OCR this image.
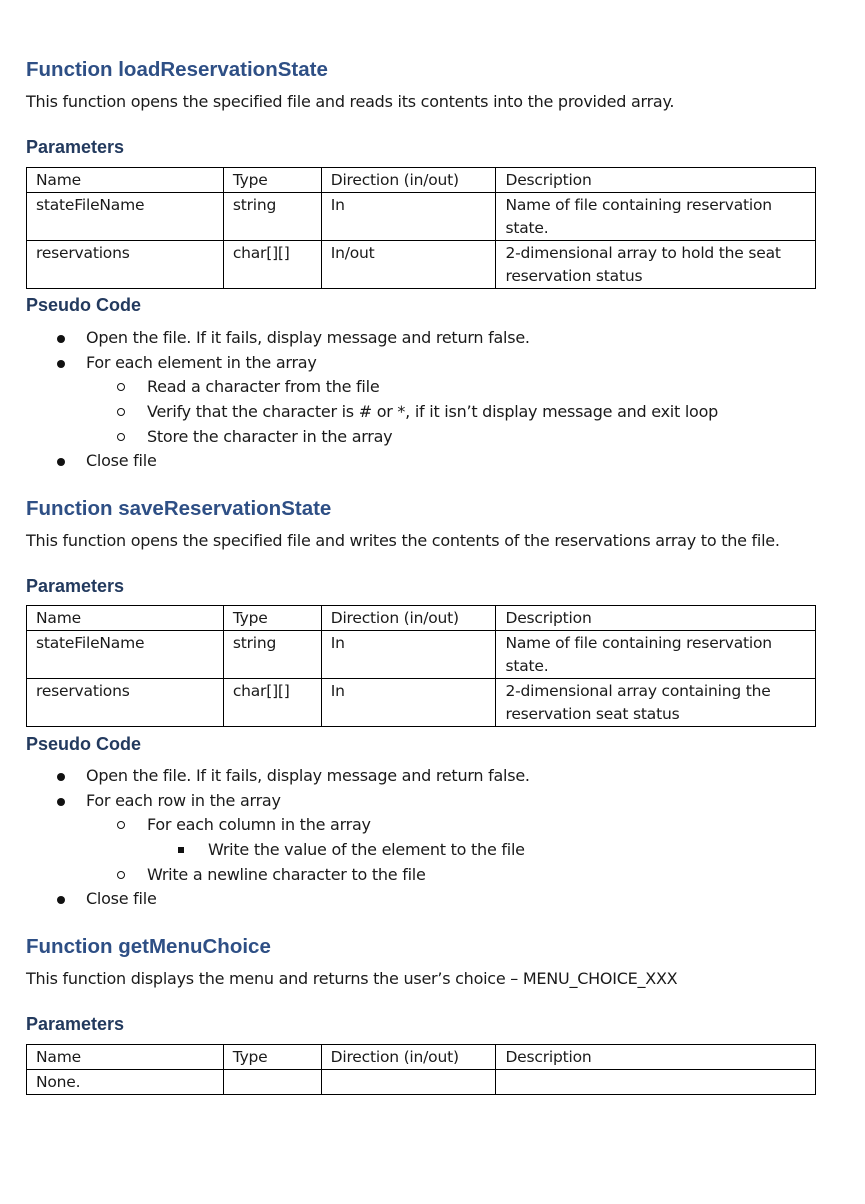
Function loadReservationState
This function opens the specified file and reads its contents into the provided array.
Parameters
Name	Type	Direction (in/out)	Description
stateFileName	string	In	Name of file containing reservation state.
reservations	char[][]	In/out	2-dimensional array to hold the seat reservation status
Pseudo Code
Open the file. If it fails, display message and return false.
For each element in the array
Read a character from the file
Verify that the character is # or *, if it isn’t display message and exit loop
Store the character in the array
Close file
Function saveReservationState
This function opens the specified file and writes the contents of the reservations array to the file.
Parameters
Name	Type	Direction (in/out)	Description
stateFileName	string	In	Name of file containing reservation state.
reservations	char[][]	In	2-dimensional array containing the reservation seat status
Pseudo Code
Open the file. If it fails, display message and return false.
For each row in the array
For each column in the array
Write the value of the element to the file
Write a newline character to the file
Close file
Function getMenuChoice
This function displays the menu and returns the user’s choice – MENU_CHOICE_XXX
Parameters
Name	Type	Direction (in/out)	Description
None.			
